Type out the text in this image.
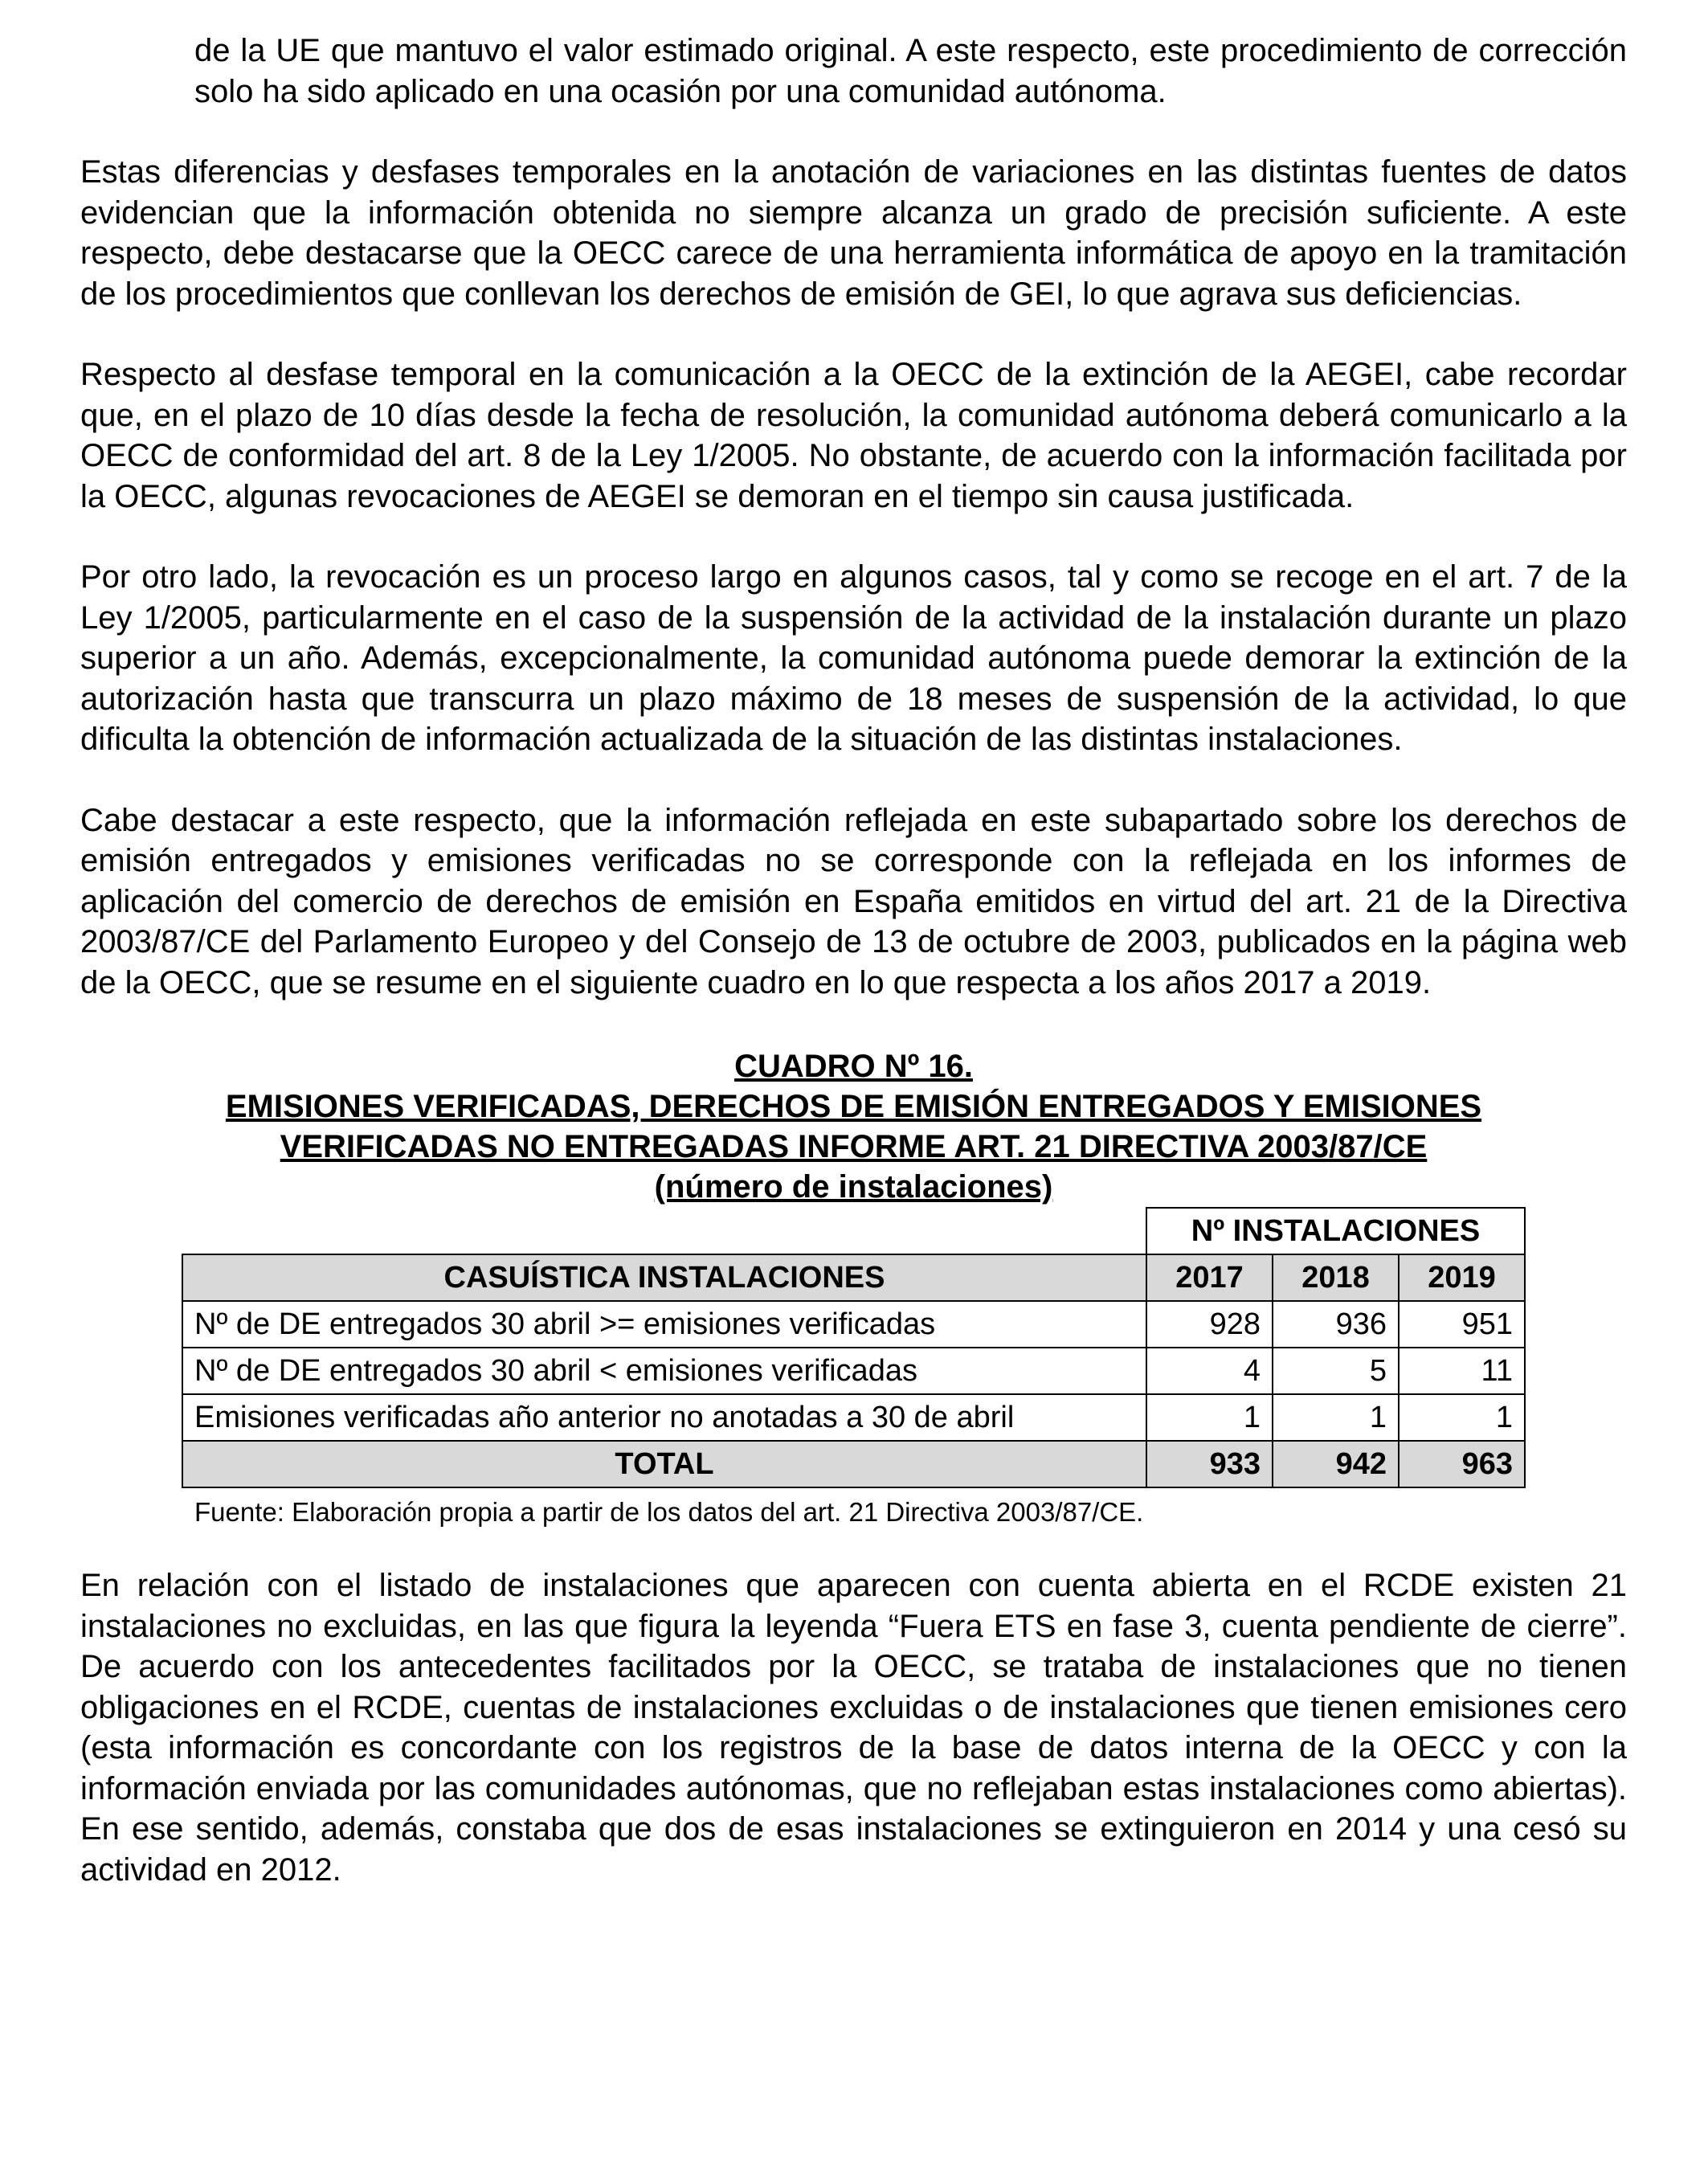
de la UE que mantuvo el valor estimado original. A este respecto, este procedimiento de corrección solo ha sido aplicado en una ocasión por una comunidad autónoma.

Estas diferencias y desfases temporales en la anotación de variaciones en las distintas fuentes de datos evidencian que la información obtenida no siempre alcanza un grado de precisión suficiente. A este respecto, debe destacarse que la OECC carece de una herramienta informática de apoyo en la tramitación de los procedimientos que conllevan los derechos de emisión de GEI, lo que agrava sus deficiencias.

Respecto al desfase temporal en la comunicación a la OECC de la extinción de la AEGEI, cabe recordar que, en el plazo de 10 días desde la fecha de resolución, la comunidad autónoma deberá comunicarlo a la OECC de conformidad del art. 8 de la Ley 1/2005. No obstante, de acuerdo con la información facilitada por la OECC, algunas revocaciones de AEGEI se demoran en el tiempo sin causa justificada.

Por otro lado, la revocación es un proceso largo en algunos casos, tal y como se recoge en el art. 7 de la Ley 1/2005, particularmente en el caso de la suspensión de la actividad de la instalación durante un plazo superior a un año. Además, excepcionalmente, la comunidad autónoma puede demorar la extinción de la autorización hasta que transcurra un plazo máximo de 18 meses de suspensión de la actividad, lo que dificulta la obtención de información actualizada de la situación de las distintas instalaciones.

Cabe destacar a este respecto, que la información reflejada en este subapartado sobre los derechos de emisión entregados y emisiones verificadas no se corresponde con la reflejada en los informes de aplicación del comercio de derechos de emisión en España emitidos en virtud del art. 21 de la Directiva 2003/87/CE del Parlamento Europeo y del Consejo de 13 de octubre de 2003, publicados en la página web de la OECC, que se resume en el siguiente cuadro en lo que respecta a los años 2017 a 2019.

CUADRO Nº 16.
EMISIONES VERIFICADAS, DERECHOS DE EMISIÓN ENTREGADOS Y EMISIONES
VERIFICADAS NO ENTREGADAS INFORME ART. 21 DIRECTIVA 2003/87/CE
(número de instalaciones)
	Nº INSTALACIONES		
CASUÍSTICA INSTALACIONES	2017	2018	2019
Nº de DE entregados 30 abril >= emisiones verificadas	928	936	951
Nº de DE entregados 30 abril < emisiones verificadas	4	5	11
Emisiones verificadas año anterior no anotadas a 30 de abril	1	1	1
TOTAL	933	942	963
Fuente: Elaboración propia a partir de los datos del art. 21 Directiva 2003/87/CE.

En relación con el listado de instalaciones que aparecen con cuenta abierta en el RCDE existen 21 instalaciones no excluidas, en las que figura la leyenda “Fuera ETS en fase 3, cuenta pendiente de cierre”. De acuerdo con los antecedentes facilitados por la OECC, se trataba de instalaciones que no tienen obligaciones en el RCDE, cuentas de instalaciones excluidas o de instalaciones que tienen emisiones cero (esta información es concordante con los registros de la base de datos interna de la OECC y con la información enviada por las comunidades autónomas, que no reflejaban estas instalaciones como abiertas). En ese sentido, además, constaba que dos de esas instalaciones se extinguieron en 2014 y una cesó su actividad en 2012.
